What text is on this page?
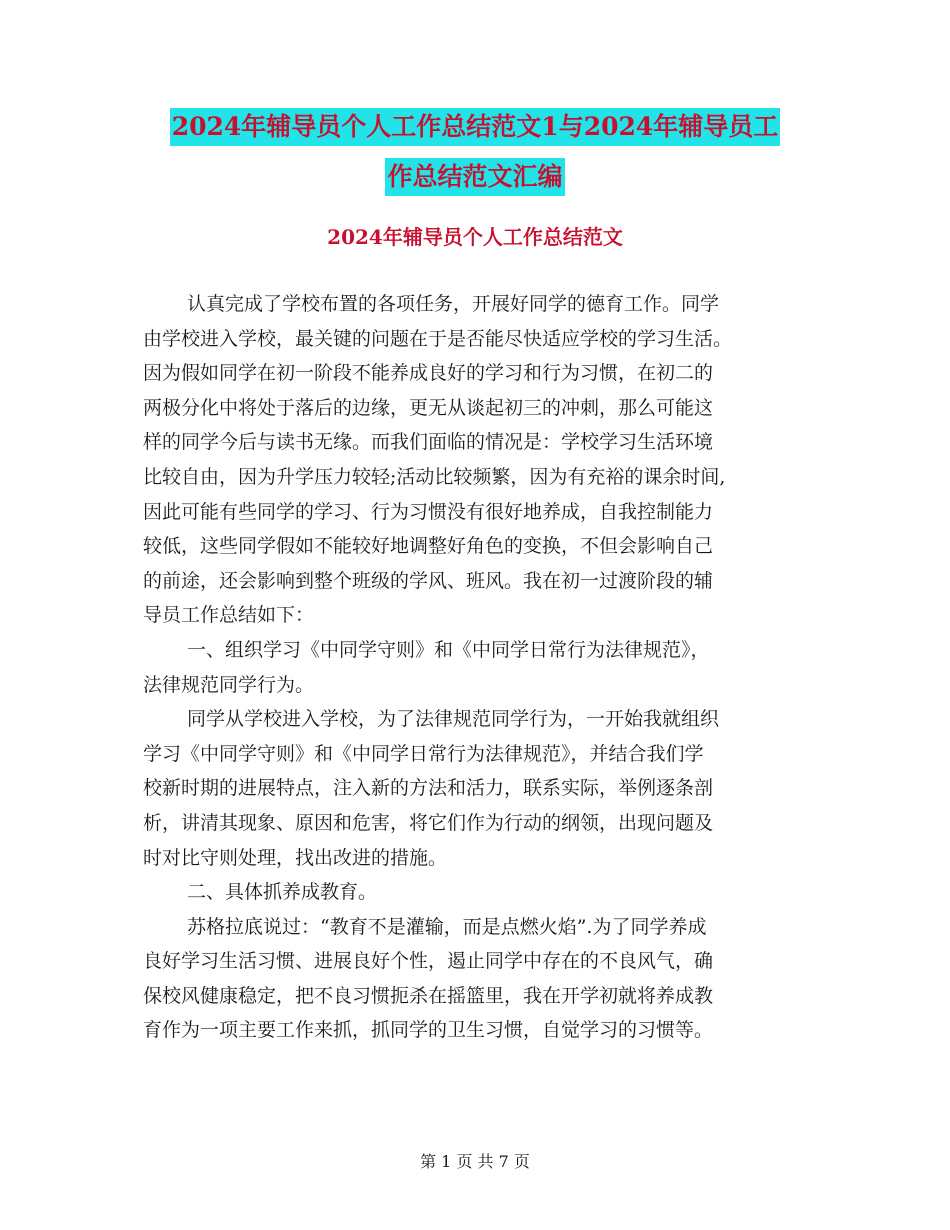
2024年辅导员个人工作总结范文1与2024年辅导员工
作总结范文汇编
2024年辅导员个人工作总结范文
认真完成了学校布置的各项任务，开展好同学的德育工作。同学
由学校进入学校，最关键的问题在于是否能尽快适应学校的学习生活。
因为假如同学在初一阶段不能养成良好的学习和行为习惯，在初二的
两极分化中将处于落后的边缘，更无从谈起初三的冲刺，那么可能这
样的同学今后与读书无缘。而我们面临的情况是：学校学习生活环境
比较自由，因为升学压力较轻;活动比较频繁，因为有充裕的课余时间,
因此可能有些同学的学习、行为习惯没有很好地养成，自我控制能力
较低，这些同学假如不能较好地调整好角色的变换，不但会影响自己
的前途，还会影响到整个班级的学风、班风。我在初一过渡阶段的辅
导员工作总结如下：
一、组织学习《中同学守则》和《中同学日常行为法律规范》，
法律规范同学行为。
同学从学校进入学校，为了法律规范同学行为，一开始我就组织
学习《中同学守则》和《中同学日常行为法律规范》，并结合我们学
校新时期的进展特点，注入新的方法和活力，联系实际，举例逐条剖
析，讲清其现象、原因和危害，将它们作为行动的纲领，出现问题及
时对比守则处理，找出改进的措施。
二、具体抓养成教育。
苏格拉底说过：“教育不是灌输，而是点燃火焰”.为了同学养成
良好学习生活习惯、进展良好个性，遏止同学中存在的不良风气，确
保校风健康稳定，把不良习惯扼杀在摇篮里，我在开学初就将养成教
育作为一项主要工作来抓，抓同学的卫生习惯，自觉学习的习惯等。
第 1 页 共 7 页
